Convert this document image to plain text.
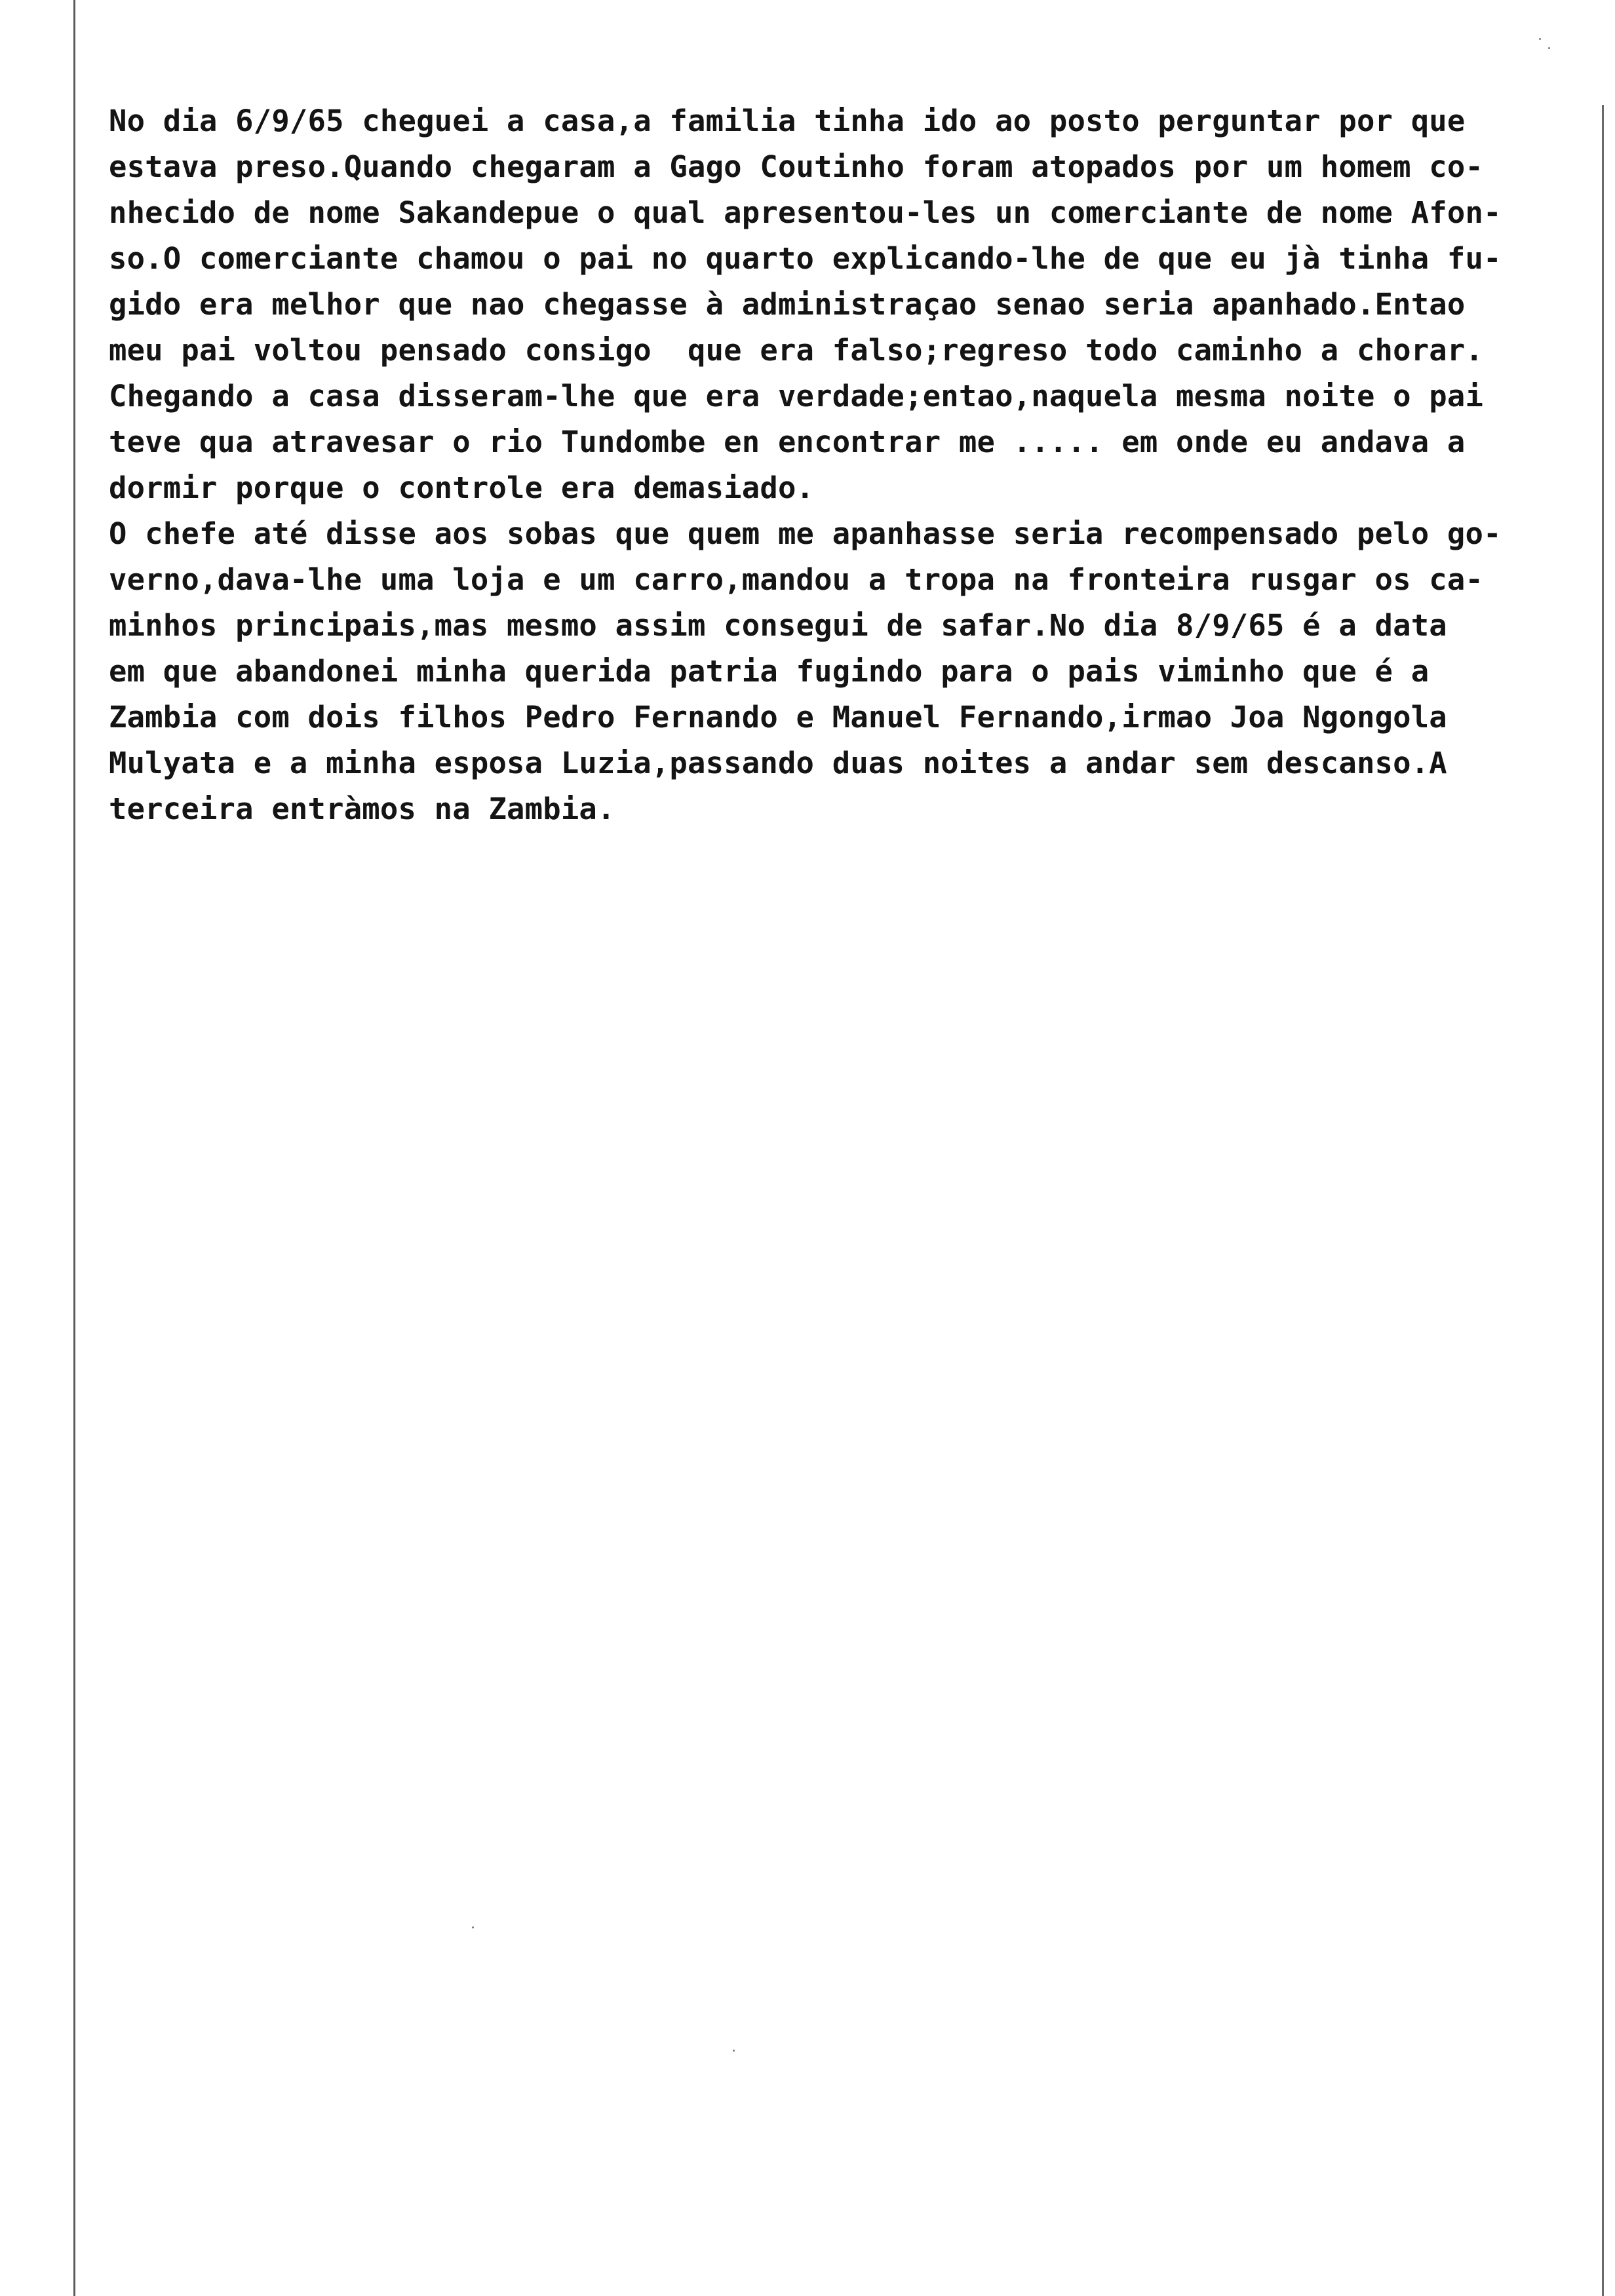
No dia 6/9/65 cheguei a casa,a familia tinha ido ao posto perguntar por que
estava preso.Quando chegaram a Gago Coutinho foram atopados por um homem co-
nhecido de nome Sakandepue o qual apresentou-les un comerciante de nome Afon-
so.O comerciante chamou o pai no quarto explicando-lhe de que eu jà tinha fu-
gido era melhor que nao chegasse à administraçao senao seria apanhado.Entao
meu pai voltou pensado consigo  que era falso;regreso todo caminho a chorar.
Chegando a casa disseram-lhe que era verdade;entao,naquela mesma noite o pai
teve qua atravesar o rio Tundombe en encontrar me ..... em onde eu andava a
dormir porque o controle era demasiado.
O chefe até disse aos sobas que quem me apanhasse seria recompensado pelo go-
verno,dava-lhe uma loja e um carro,mandou a tropa na fronteira rusgar os ca-
minhos principais,mas mesmo assim consegui de safar.No dia 8/9/65 é a data
em que abandonei minha querida patria fugindo para o pais viminho que é a
Zambia com dois filhos Pedro Fernando e Manuel Fernando,irmao Joa Ngongola
Mulyata e a minha esposa Luzia,passando duas noites a andar sem descanso.A
terceira entràmos na Zambia.
